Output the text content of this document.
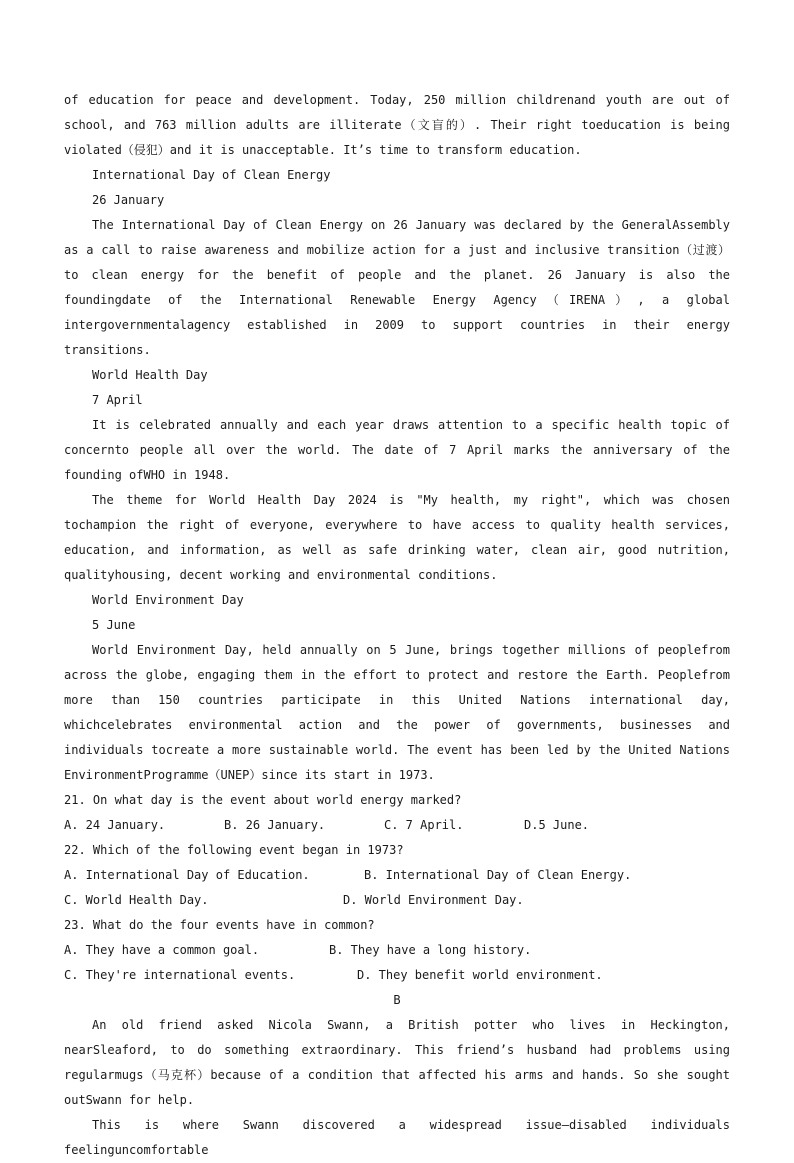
of education for peace and development. Today, 250 million childrenand youth are out of school, and 763 million adults are illiterate（文盲的）. Their right toeducation is being violated（侵犯）and it is unacceptable. It’s time to transform education.

International Day of Clean Energy

26 January

The International Day of Clean Energy on 26 January was declared by the GeneralAssembly as a call to raise awareness and mobilize action for a just and inclusive transition（过渡）to clean energy for the benefit of people and the planet. 26 January is also the foundingdate of the International Renewable Energy Agency（IRENA）, a global intergovernmentalagency established in 2009 to support countries in their energy transitions.

World Health Day

7 April

It is celebrated annually and each year draws attention to a specific health topic of concernto people all over the world. The date of 7 April marks the anniversary of the founding ofWHO in 1948.

The theme for World Health Day 2024 is "My health, my right", which was chosen tochampion the right of everyone, everywhere to have access to quality health services, education, and information, as well as safe drinking water, clean air, good nutrition, qualityhousing, decent working and environmental conditions.

World Environment Day

5 June

World Environment Day, held annually on 5 June, brings together millions of peoplefrom across the globe, engaging them in the effort to protect and restore the Earth. Peoplefrom more than 150 countries participate in this United Nations international day, whichcelebrates environmental action and the power of governments, businesses and individuals tocreate a more sustainable world. The event has been led by the United Nations EnvironmentProgramme（UNEP）since its start in 1973.

21. On what day is the event about world energy marked?

A. 24 January.	B. 26 January.	C. 7 April.	D.5 June.

22. Which of the following event began in 1973?

A. International Day of Education.	B. International Day of Clean Energy.

C. World Health Day.	D. World Environment Day.

23. What do the four events have in common?

A. They have a common goal.	B. They have a long history.

C. They're international events.	D. They benefit world environment.

B

An old friend asked Nicola Swann, a British potter who lives in Heckington, nearSleaford, to do something extraordinary. This friend’s husband had problems using regularmugs（马克杯）because of a condition that affected his arms and hands. So she sought outSwann for help.

This is where Swann discovered a widespread issue—disabled individuals feelinguncomfortable
